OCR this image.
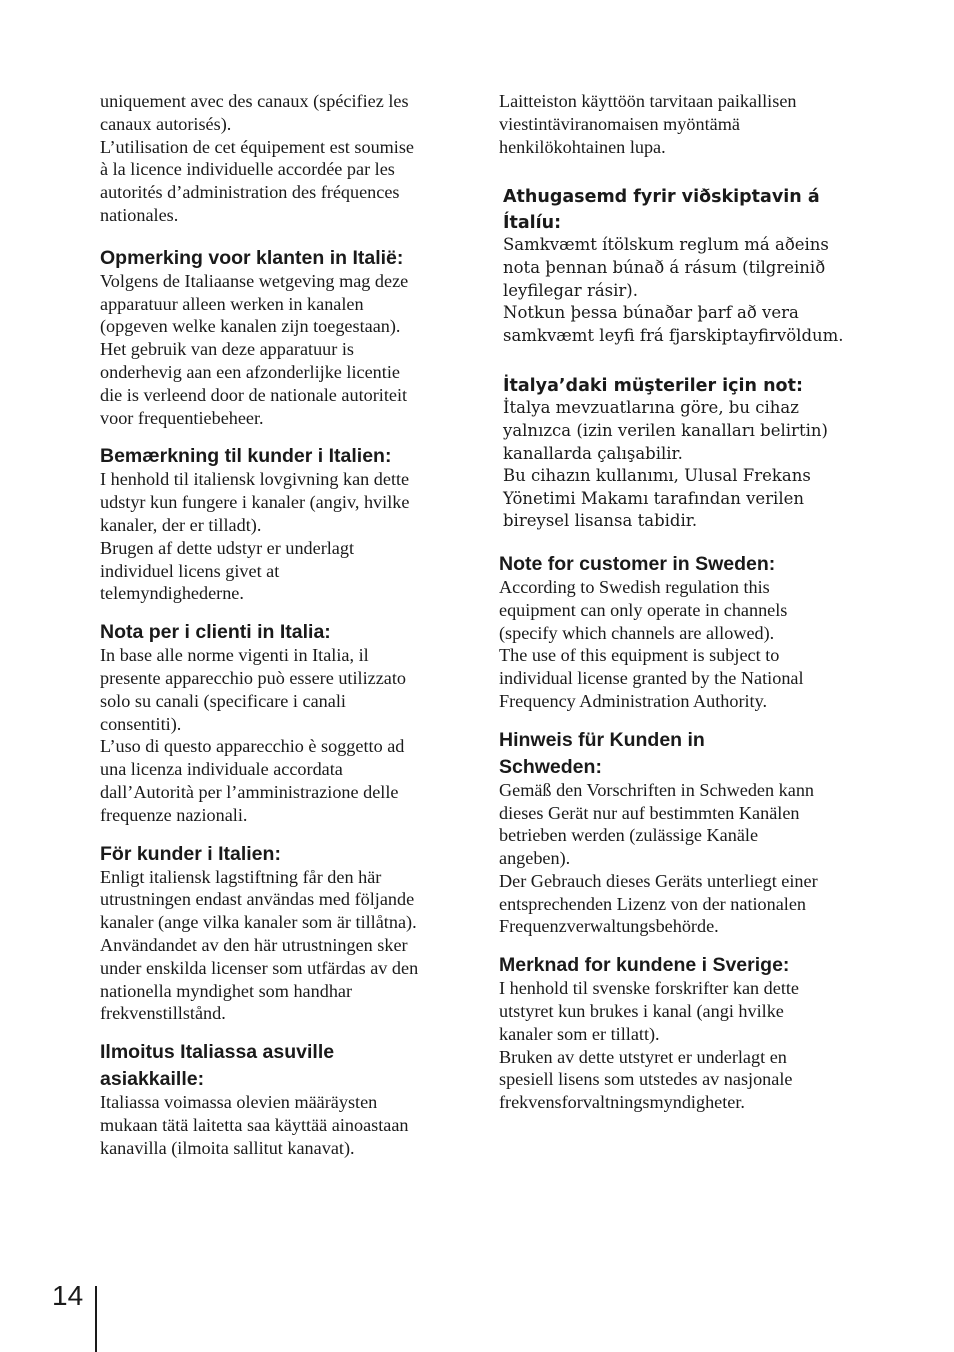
uniquement avec des canaux (spécifiez les
canaux autorisés).
L’utilisation de cet équipement est soumise
à la licence individuelle accordée par les
autorités d’administration des fréquences
nationales.

Opmerking voor klanten in Italië:

Volgens de Italiaanse wetgeving mag deze
apparatuur alleen werken in kanalen
(opgeven welke kanalen zijn toegestaan).
Het gebruik van deze apparatuur is
onderhevig aan een afzonderlijke licentie
die is verleend door de nationale autoriteit
voor frequentiebeheer.

Bemærkning til kunder i Italien:

I henhold til italiensk lovgivning kan dette
udstyr kun fungere i kanaler (angiv, hvilke
kanaler, der er tilladt).
Brugen af dette udstyr er underlagt
individuel licens givet at
telemyndighederne.

Nota per i clienti in Italia:

In base alle norme vigenti in Italia, il
presente apparecchio può essere utilizzato
solo su canali (specificare i canali
consentiti).
L’uso di questo apparecchio è soggetto ad
una licenza individuale accordata
dall’Autorità per l’amministrazione delle
frequenze nazionali.

För kunder i Italien:

Enligt italiensk lagstiftning får den här
utrustningen endast användas med följande
kanaler (ange vilka kanaler som är tillåtna).
Användandet av den här utrustningen sker
under enskilda licenser som utfärdas av den
nationella myndighet som handhar
frekvenstillstånd.

Ilmoitus Italiassa asuville
asiakkaille:

Italiassa voimassa olevien määräysten
mukaan tätä laitetta saa käyttää ainoastaan
kanavilla (ilmoita sallitut kanavat).

Laitteiston käyttöön tarvitaan paikallisen
viestintäviranomaisen myöntämä
henkilökohtainen lupa.

Athugasemd fyrir viðskiptavin á
Ítalíu:

Samkvæmt ítölskum reglum má aðeins
nota þennan búnað á rásum (tilgreinið
leyfilegar rásir).
Notkun þessa búnaðar þarf að vera
samkvæmt leyfi frá fjarskiptayfirvöldum.

İtalya’daki müşteriler için not:

İtalya mevzuatlarına göre, bu cihaz
yalnızca (izin verilen kanalları belirtin)
kanallarda çalışabilir.
Bu cihazın kullanımı, Ulusal Frekans
Yönetimi Makamı tarafından verilen
bireysel lisansa tabidir.

Note for customer in Sweden:

According to Swedish regulation this
equipment can only operate in channels
(specify which channels are allowed).
The use of this equipment is subject to
individual license granted by the National
Frequency Administration Authority.

Hinweis für Kunden in
Schweden:

Gemäß den Vorschriften in Schweden kann
dieses Gerät nur auf bestimmten Kanälen
betrieben werden (zulässige Kanäle
angeben).
Der Gebrauch dieses Geräts unterliegt einer
entsprechenden Lizenz von der nationalen
Frequenzverwaltungsbehörde.

Merknad for kundene i Sverige:

I henhold til svenske forskrifter kan dette
utstyret kun brukes i kanal (angi hvilke
kanaler som er tillatt).
Bruken av dette utstyret er underlagt en
spesiell lisens som utstedes av nasjonale
frekvensforvaltningsmyndigheter.

14
